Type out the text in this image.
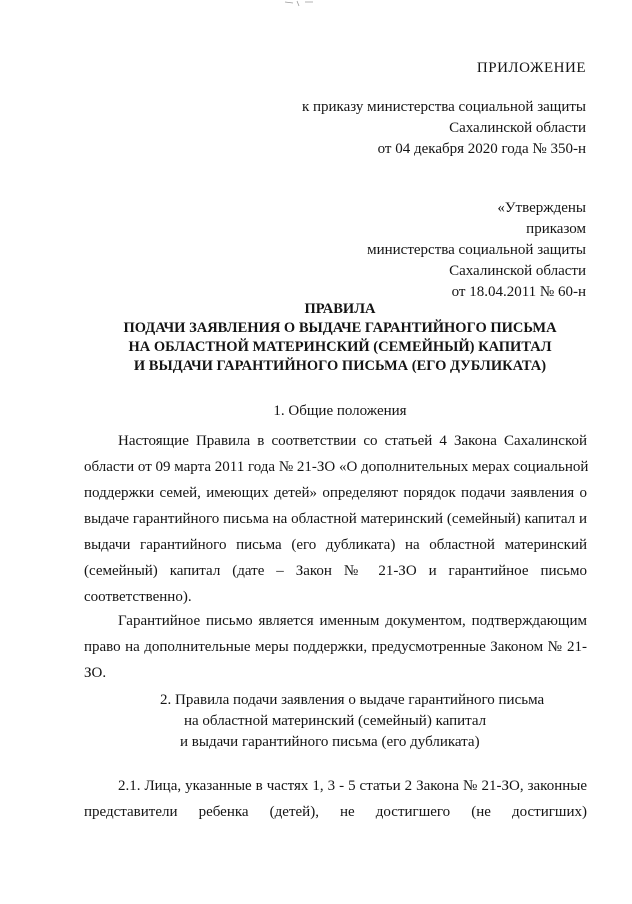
ПРИЛОЖЕНИЕ
к приказу министерства социальной защиты
Сахалинской области
от 04 декабря 2020 года № 350-н
«Утверждены
приказом
министерства социальной защиты
Сахалинской области
от 18.04.2011 № 60-н
ПРАВИЛА
ПОДАЧИ ЗАЯВЛЕНИЯ О ВЫДАЧЕ ГАРАНТИЙНОГО ПИСЬМА
НА ОБЛАСТНОЙ МАТЕРИНСКИЙ (СЕМЕЙНЫЙ) КАПИТАЛ
И ВЫДАЧИ ГАРАНТИЙНОГО ПИСЬМА (ЕГО ДУБЛИКАТА)
1. Общие положения
Настоящие Правила в соответствии со статьей 4 Закона Сахалинской
области от 09 марта 2011 года № 21-ЗО «О дополнительных мерах социальной
поддержки семей, имеющих детей» определяют порядок подачи заявления о
выдаче гарантийного письма на областной материнский (семейный) капитал и
выдачи гарантийного письма (его дубликата) на областной материнский
(семейный) капитал (дате – Закон № 21-ЗО и гарантийное письмо
соответственно).
Гарантийное письмо является именным документом, подтверждающим
право на дополнительные меры поддержки, предусмотренные Законом № 21-
ЗО.
2. Правила подачи заявления о выдаче гарантийного письма
на областной материнский (семейный) капитал
и выдачи гарантийного письма (его дубликата)
2.1. Лица, указанные в частях 1, 3 - 5 статьи 2 Закона № 21-ЗО, законные
представители ребенка (детей), не достигшего (не достигших)
